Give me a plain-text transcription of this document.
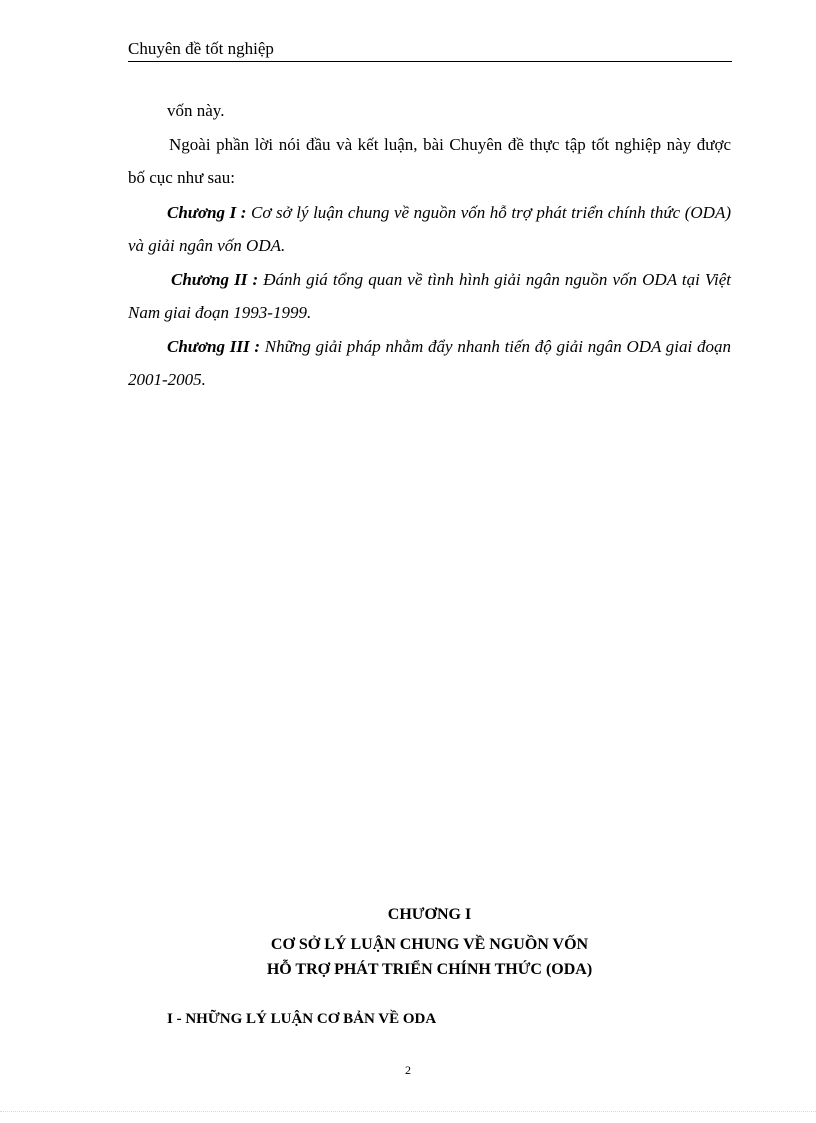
Chuyên đề tốt nghiệp
vốn này.
Ngoài phần lời nói đầu và kết luận, bài Chuyên đề thực tập tốt nghiệp này được bố cục như sau:
Chương I : Cơ sở lý luận chung về nguồn vốn hỗ trợ phát triển chính thức (ODA) và giải ngân vốn ODA.
Chương II : Đánh giá tổng quan về tình hình giải ngân nguồn vốn ODA tại Việt Nam giai đoạn 1993-1999.
Chương III : Những giải pháp nhằm đẩy nhanh tiến độ giải ngân ODA giai đoạn 2001-2005.
CHƯƠNG I
CƠ SỞ LÝ LUẬN CHUNG VỀ NGUỒN VỐN
HỖ TRỢ PHÁT TRIỂN CHÍNH THỨC (ODA)
I - NHỮNG LÝ LUẬN CƠ BẢN VỀ ODA
2
